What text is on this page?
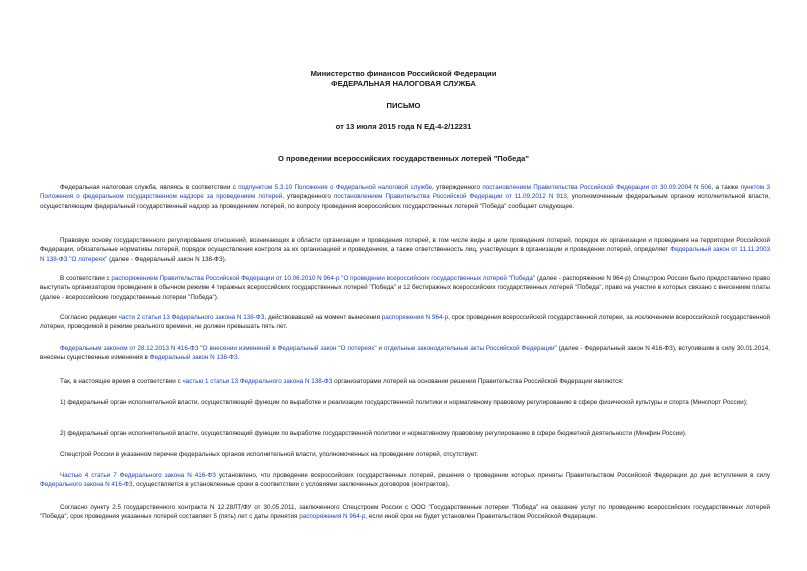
Министерство финансов Российской Федерации
ФЕДЕРАЛЬНАЯ НАЛОГОВАЯ СЛУЖБА
ПИСЬМО
от 13 июля 2015 года N ЕД-4-2/12231
О проведении всероссийских государственных лотерей "Победа"

Федеральная налоговая служба, являясь в соответствии с подпунктом 5.3.10 Положения о Федеральной налоговой службе, утвержденного постановлением Правительства Российской Федерации от 30.09.2004 N 506, а также пунктом 3 Положения о федеральном государственном надзоре за проведением лотерей, утвержденного постановлением Правительства Российской Федерации от 11.09.2012 N 913, уполномоченным федеральным органом исполнительной власти, осуществляющим федеральный государственный надзор за проведением лотерей, по вопросу проведения всероссийских государственных лотерей "Победа" сообщает следующее.

Правовую основу государственного регулирования отношений, возникающих в области организации и проведения лотерей, в том числе виды и цели проведения лотерей, порядок их организации и проведения на территории Российской Федерации, обязательные нормативы лотерей, порядок осуществления контроля за их организацией и проведением, а также ответственность лиц, участвующих в организации и проведении лотерей, определяет Федеральный закон от 11.11.2003 N 138-ФЗ "О лотереях" (далее - Федеральный закон N 138-ФЗ).

В соответствии с распоряжением Правительства Российской Федерации от 10.06.2010 N 964-р "О проведении всероссийских государственных лотерей "Победа" (далее - распоряжение N 964-р) Спецстрою России было предоставлено право выступать организатором проведения в обычном режиме 4 тиражных всероссийских государственных лотерей "Победа" и 12 бестиражных всероссийских государственных лотерей "Победа", право на участие в которых связано с внесением платы (далее - всероссийские государственные лотереи "Победа").

Согласно редакции части 2 статьи 13 Федерального закона N 138-ФЗ, действовавшей на момент вынесения распоряжения N 964-р, срок проведения всероссийской государственной лотереи, за исключением всероссийской государственной лотереи, проводимой в режиме реального времени, не должен превышать пять лет.

Федеральным законом от 28.12.2013 N 416-ФЗ "О внесении изменений в Федеральный закон "О лотереях" и отдельные законодательные акты Российской Федерации" (далее - Федеральный закон N 416-ФЗ), вступившим в силу 30.01.2014, внесены существенные изменения в Федеральный закон N 138-ФЗ.

Так, в настоящее время в соответствии с частью 1 статьи 13 Федерального закона N 138-ФЗ организаторами лотерей на основании решения Правительства Российской Федерации являются:

1) федеральный орган исполнительной власти, осуществляющий функции по выработке и реализации государственной политики и нормативному правовому регулированию в сфере физической культуры и спорта (Минспорт России);

2) федеральный орган исполнительной власти, осуществляющий функции по выработке государственной политики и нормативному правовому регулированию в сфере бюджетной деятельности (Минфин России).

Спецстрой России в указанном перечне федеральных органов исполнительной власти, уполномоченных на проведение лотерей, отсутствует.

Частью 4 статьи 7 Федерального закона N 416-ФЗ установлено, что проведение всероссийских государственных лотерей, решения о проведении которых приняты Правительством Российской Федерации до дня вступления в силу Федерального закона N 416-ФЗ, осуществляется в установленные сроки в соответствии с условиями заключенных договоров (контрактов).

Согласно пункту 2.5 государственного контракта N 12.28ЛТ/ФУ от 30.05.2011, заключенного Спецстроем России с ООО "Государственные лотереи "Победа" на оказание услуг по проведению всероссийских государственных лотерей "Победа", срок проведения указанных лотерей составляет 5 (пять) лет с даты принятия распоряжения N 964-р, если иной срок не будет установлен Правительством Российской Федерации.
